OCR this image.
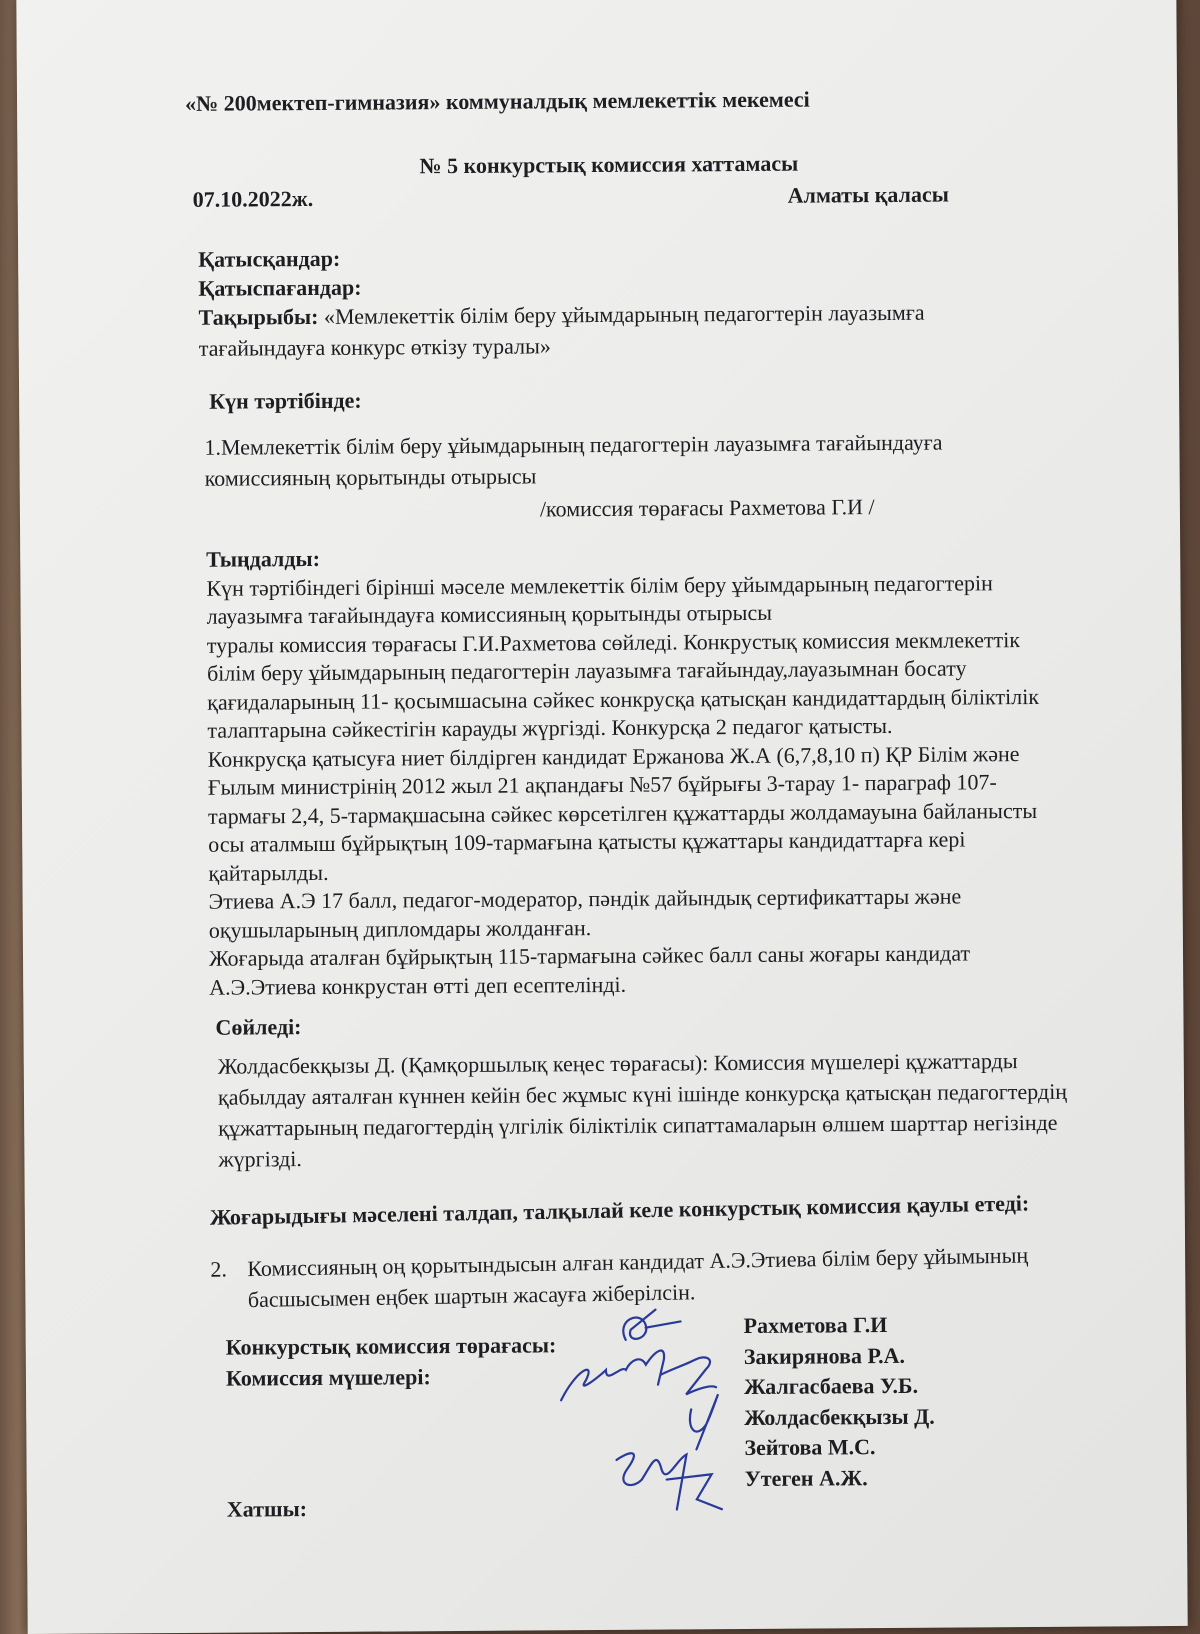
«№ 200мектеп-гимназия» коммуналдық мемлекеттік мекемесі
№ 5 конкурстық комиссия хаттамасы
07.10.2022ж.	Алматы қаласы
Қатысқандар:
Қатыспағандар:
Тақырыбы: «Мемлекеттік білім беру ұйымдарының педагогтерін лауазымға
тағайындауға конкурс өткізу туралы»
Күн тәртібінде:
1.Мемлекеттік білім беру ұйымдарының педагогтерін лауазымға тағайындауға
комиссияның қорытынды отырысы
/комиссия төрағасы Рахметова Г.И /
Тыңдалды:
Күн тәртібіндегі бірінші мәселе мемлекеттік білім беру ұйымдарының педагогтерін
лауазымға тағайындауға комиссияның қорытынды отырысы
туралы комиссия төрағасы Г.И.Рахметова сөйледі. Конкрустық комиссия мекмлекеттік
білім беру ұйымдарының педагогтерін лауазымға тағайындау,лауазымнан босату
қағидаларының 11- қосымшасына сәйкес конкрусқа қатысқан кандидаттардың біліктілік
талаптарына сәйкестігін карауды жүргізді. Конкурсқа 2 педагог қатысты.
Конкрусқа қатысуға ниет білдірген кандидат Ержанова Ж.А (6,7,8,10 п) ҚР Білім және
Ғылым министрінің 2012 жыл 21 ақпандағы №57 бұйрығы 3-тарау 1- параграф 107-
тармағы 2,4, 5-тармақшасына сәйкес көрсетілген құжаттарды жолдамауына байланысты
осы аталмыш бұйрықтың 109-тармағына қатысты құжаттары кандидаттарға кері
қайтарылды.
Этиева А.Э 17 балл, педагог-модератор, пәндік дайындық сертификаттары және
оқушыларының дипломдары жолданған.
Жоғарыда аталған бұйрықтың 115-тармағына сәйкес балл саны жоғары кандидат
А.Э.Этиева конкрустан өтті деп есептелінді.
Сөйледі:
Жолдасбекқызы Д. (Қамқоршылық кеңес төрағасы): Комиссия мүшелері құжаттарды
қабылдау аяталған күннен кейін бес жұмыс күні ішінде конкурсқа қатысқан педагогтердің
құжаттарының педагогтердің үлгілік біліктілік сипаттамаларын өлшем шарттар негізінде
жүргізді.
Жоғарыдығы мәселені талдап, талқылай келе конкурстық комиссия қаулы етеді:
2. Комиссияның оң қорытындысын алған кандидат А.Э.Этиева білім беру ұйымының
басшысымен еңбек шартын жасауға жіберілсін.
Конкурстық комиссия төрағасы:
Комиссия мүшелері:
Рахметова Г.И
Закирянова Р.А.
Жалгасбаева У.Б.
Жолдасбекқызы Д.
Зейтова М.С.
Утеген А.Ж.
Хатшы:
